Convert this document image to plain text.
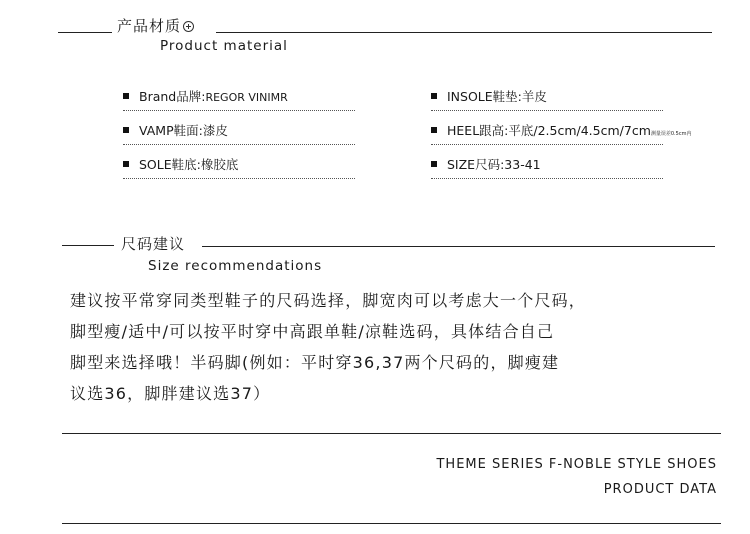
产品材质
Product material
Brand品牌:REGOR VINIMR
VAMP鞋面:漆皮
SOLE鞋底:橡胶底
INSOLE鞋垫:羊皮
HEEL跟高:平底/2.5cm/4.5cm/7cm测量误差0.5cm内
SIZE尺码:33-41
尺码建议
Size recommendations
建议按平常穿同类型鞋子的尺码选择，脚宽肉可以考虑大一个尺码，
脚型瘦/适中/可以按平时穿中高跟单鞋/凉鞋选码，具体结合自己
脚型来选择哦！半码脚(例如：平时穿36,37两个尺码的，脚瘦建
议选36，脚胖建议选37）
THEME SERIES F-NOBLE STYLE SHOES
PRODUCT DATA
